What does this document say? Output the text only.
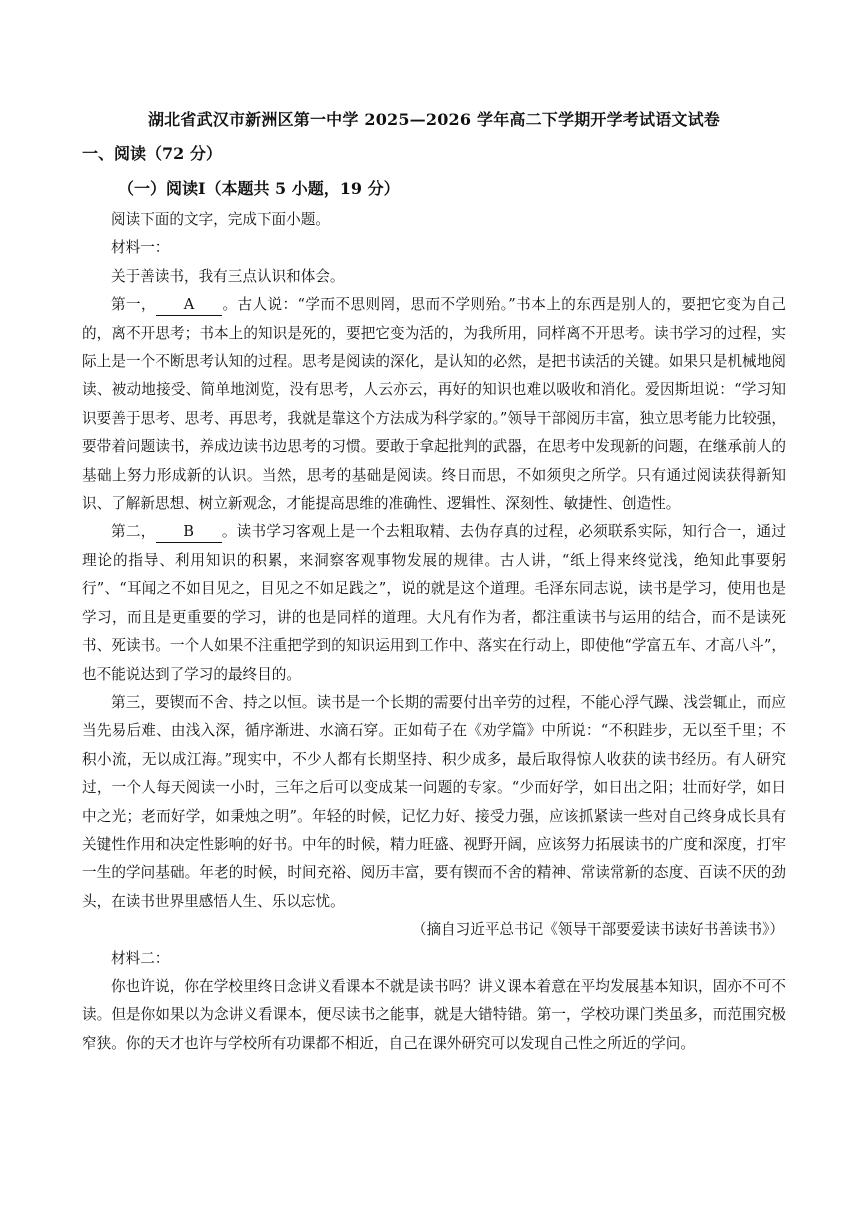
湖北省武汉市新洲区第一中学 2025—2026 学年高二下学期开学考试语文试卷
一、阅读（72 分）
（一）阅读Ⅰ（本题共 5 小题，19 分）

阅读下面的文字，完成下面小题。

材料一：

关于善读书，我有三点认识和体会。

第一， A 。古人说：“学而不思则罔，思而不学则殆。”书本上的东西是别人的，要把它变为自己的，离不开思考；书本上的知识是死的，要把它变为活的，为我所用，同样离不开思考。读书学习的过程，实际上是一个不断思考认知的过程。思考是阅读的深化，是认知的必然，是把书读活的关键。如果只是机械地阅读、被动地接受、简单地浏览，没有思考，人云亦云，再好的知识也难以吸收和消化。爱因斯坦说：“学习知识要善于思考、思考、再思考，我就是靠这个方法成为科学家的。”领导干部阅历丰富，独立思考能力比较强，要带着问题读书，养成边读书边思考的习惯。要敢于拿起批判的武器，在思考中发现新的问题，在继承前人的基础上努力形成新的认识。当然，思考的基础是阅读。终日而思，不如须臾之所学。只有通过阅读获得新知识、了解新思想、树立新观念，才能提高思维的准确性、逻辑性、深刻性、敏捷性、创造性。

第二， B 。读书学习客观上是一个去粗取精、去伪存真的过程，必须联系实际，知行合一，通过理论的指导、利用知识的积累，来洞察客观事物发展的规律。古人讲，“纸上得来终觉浅，绝知此事要躬行”、“耳闻之不如目见之，目见之不如足践之”，说的就是这个道理。毛泽东同志说，读书是学习，使用也是学习，而且是更重要的学习，讲的也是同样的道理。大凡有作为者，都注重读书与运用的结合，而不是读死书、死读书。一个人如果不注重把学到的知识运用到工作中、落实在行动上，即使他“学富五车、才高八斗”，也不能说达到了学习的最终目的。

第三，要锲而不舍、持之以恒。读书是一个长期的需要付出辛劳的过程，不能心浮气躁、浅尝辄止，而应当先易后难、由浅入深，循序渐进、水滴石穿。正如荀子在《劝学篇》中所说：“不积跬步，无以至千里；不积小流，无以成江海。”现实中，不少人都有长期坚持、积少成多，最后取得惊人收获的读书经历。有人研究过，一个人每天阅读一小时，三年之后可以变成某一问题的专家。“少而好学，如日出之阳；壮而好学，如日中之光；老而好学，如秉烛之明”。年轻的时候，记忆力好、接受力强，应该抓紧读一些对自己终身成长具有关键性作用和决定性影响的好书。中年的时候，精力旺盛、视野开阔，应该努力拓展读书的广度和深度，打牢一生的学问基础。年老的时候，时间充裕、阅历丰富，要有锲而不舍的精神、常读常新的态度、百读不厌的劲头，在读书世界里感悟人生、乐以忘忧。

（摘自习近平总书记《领导干部要爱读书读好书善读书》）

材料二：

你也许说，你在学校里终日念讲义看课本不就是读书吗？讲义课本着意在平均发展基本知识，固亦不可不读。但是你如果以为念讲义看课本，便尽读书之能事，就是大错特错。第一，学校功课门类虽多，而范围究极窄狭。你的天才也许与学校所有功课都不相近，自己在课外研究可以发现自己性之所近的学问。
